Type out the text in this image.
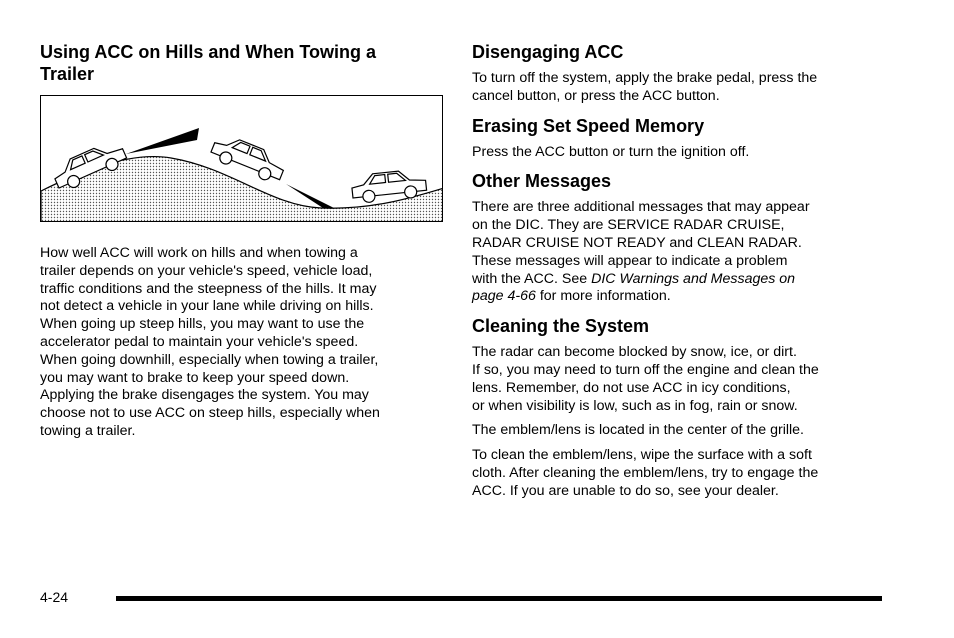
Using ACC on Hills and When Towing a Trailer

How well ACC will work on hills and when towing a
trailer depends on your vehicle's speed, vehicle load,
traffic conditions and the steepness of the hills. It may
not detect a vehicle in your lane while driving on hills.
When going up steep hills, you may want to use the
accelerator pedal to maintain your vehicle's speed.
When going downhill, especially when towing a trailer,
you may want to brake to keep your speed down.
Applying the brake disengages the system. You may
choose not to use ACC on steep hills, especially when
towing a trailer.

Disengaging ACC

To turn off the system, apply the brake pedal, press the
cancel button, or press the ACC button.

Erasing Set Speed Memory

Press the ACC button or turn the ignition off.

Other Messages

There are three additional messages that may appear
on the DIC. They are SERVICE RADAR CRUISE,
RADAR CRUISE NOT READY and CLEAN RADAR.
These messages will appear to indicate a problem
with the ACC. See DIC Warnings and Messages on
page 4-66 for more information.

Cleaning the System

The radar can become blocked by snow, ice, or dirt.
If so, you may need to turn off the engine and clean the
lens. Remember, do not use ACC in icy conditions,
or when visibility is low, such as in fog, rain or snow.

The emblem/lens is located in the center of the grille.

To clean the emblem/lens, wipe the surface with a soft
cloth. After cleaning the emblem/lens, try to engage the
ACC. If you are unable to do so, see your dealer.

4-24
